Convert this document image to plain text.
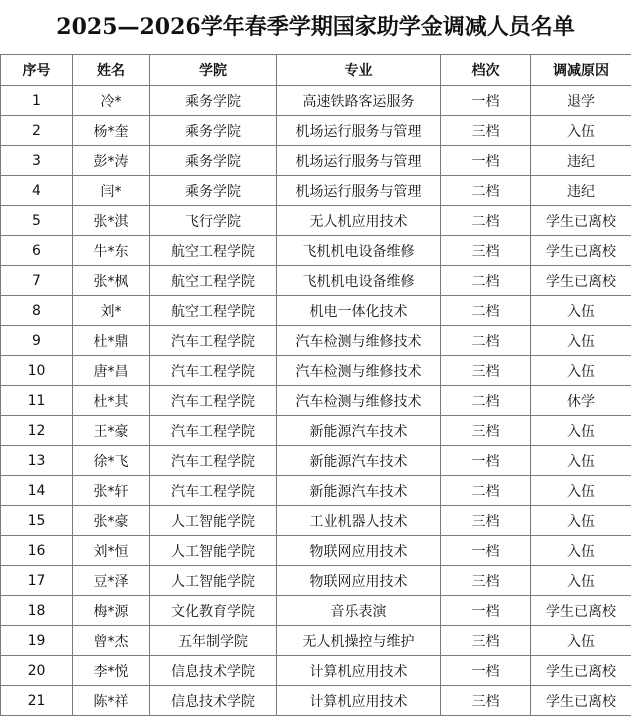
2025—2026学年春季学期国家助学金调减人员名单
序号	姓名	学院	专业	档次	调减原因
1	冷*	乘务学院	高速铁路客运服务	一档	退学
2	杨*奎	乘务学院	机场运行服务与管理	三档	入伍
3	彭*涛	乘务学院	机场运行服务与管理	一档	违纪
4	闫*	乘务学院	机场运行服务与管理	二档	违纪
5	张*淇	飞行学院	无人机应用技术	二档	学生已离校
6	牛*东	航空工程学院	飞机机电设备维修	三档	学生已离校
7	张*枫	航空工程学院	飞机机电设备维修	二档	学生已离校
8	刘*	航空工程学院	机电一体化技术	二档	入伍
9	杜*鼎	汽车工程学院	汽车检测与维修技术	二档	入伍
10	唐*昌	汽车工程学院	汽车检测与维修技术	三档	入伍
11	杜*其	汽车工程学院	汽车检测与维修技术	二档	休学
12	王*豪	汽车工程学院	新能源汽车技术	三档	入伍
13	徐*飞	汽车工程学院	新能源汽车技术	一档	入伍
14	张*轩	汽车工程学院	新能源汽车技术	二档	入伍
15	张*豪	人工智能学院	工业机器人技术	三档	入伍
16	刘*恒	人工智能学院	物联网应用技术	一档	入伍
17	豆*泽	人工智能学院	物联网应用技术	三档	入伍
18	梅*源	文化教育学院	音乐表演	一档	学生已离校
19	曾*杰	五年制学院	无人机操控与维护	三档	入伍
20	李*悦	信息技术学院	计算机应用技术	一档	学生已离校
21	陈*祥	信息技术学院	计算机应用技术	三档	学生已离校
